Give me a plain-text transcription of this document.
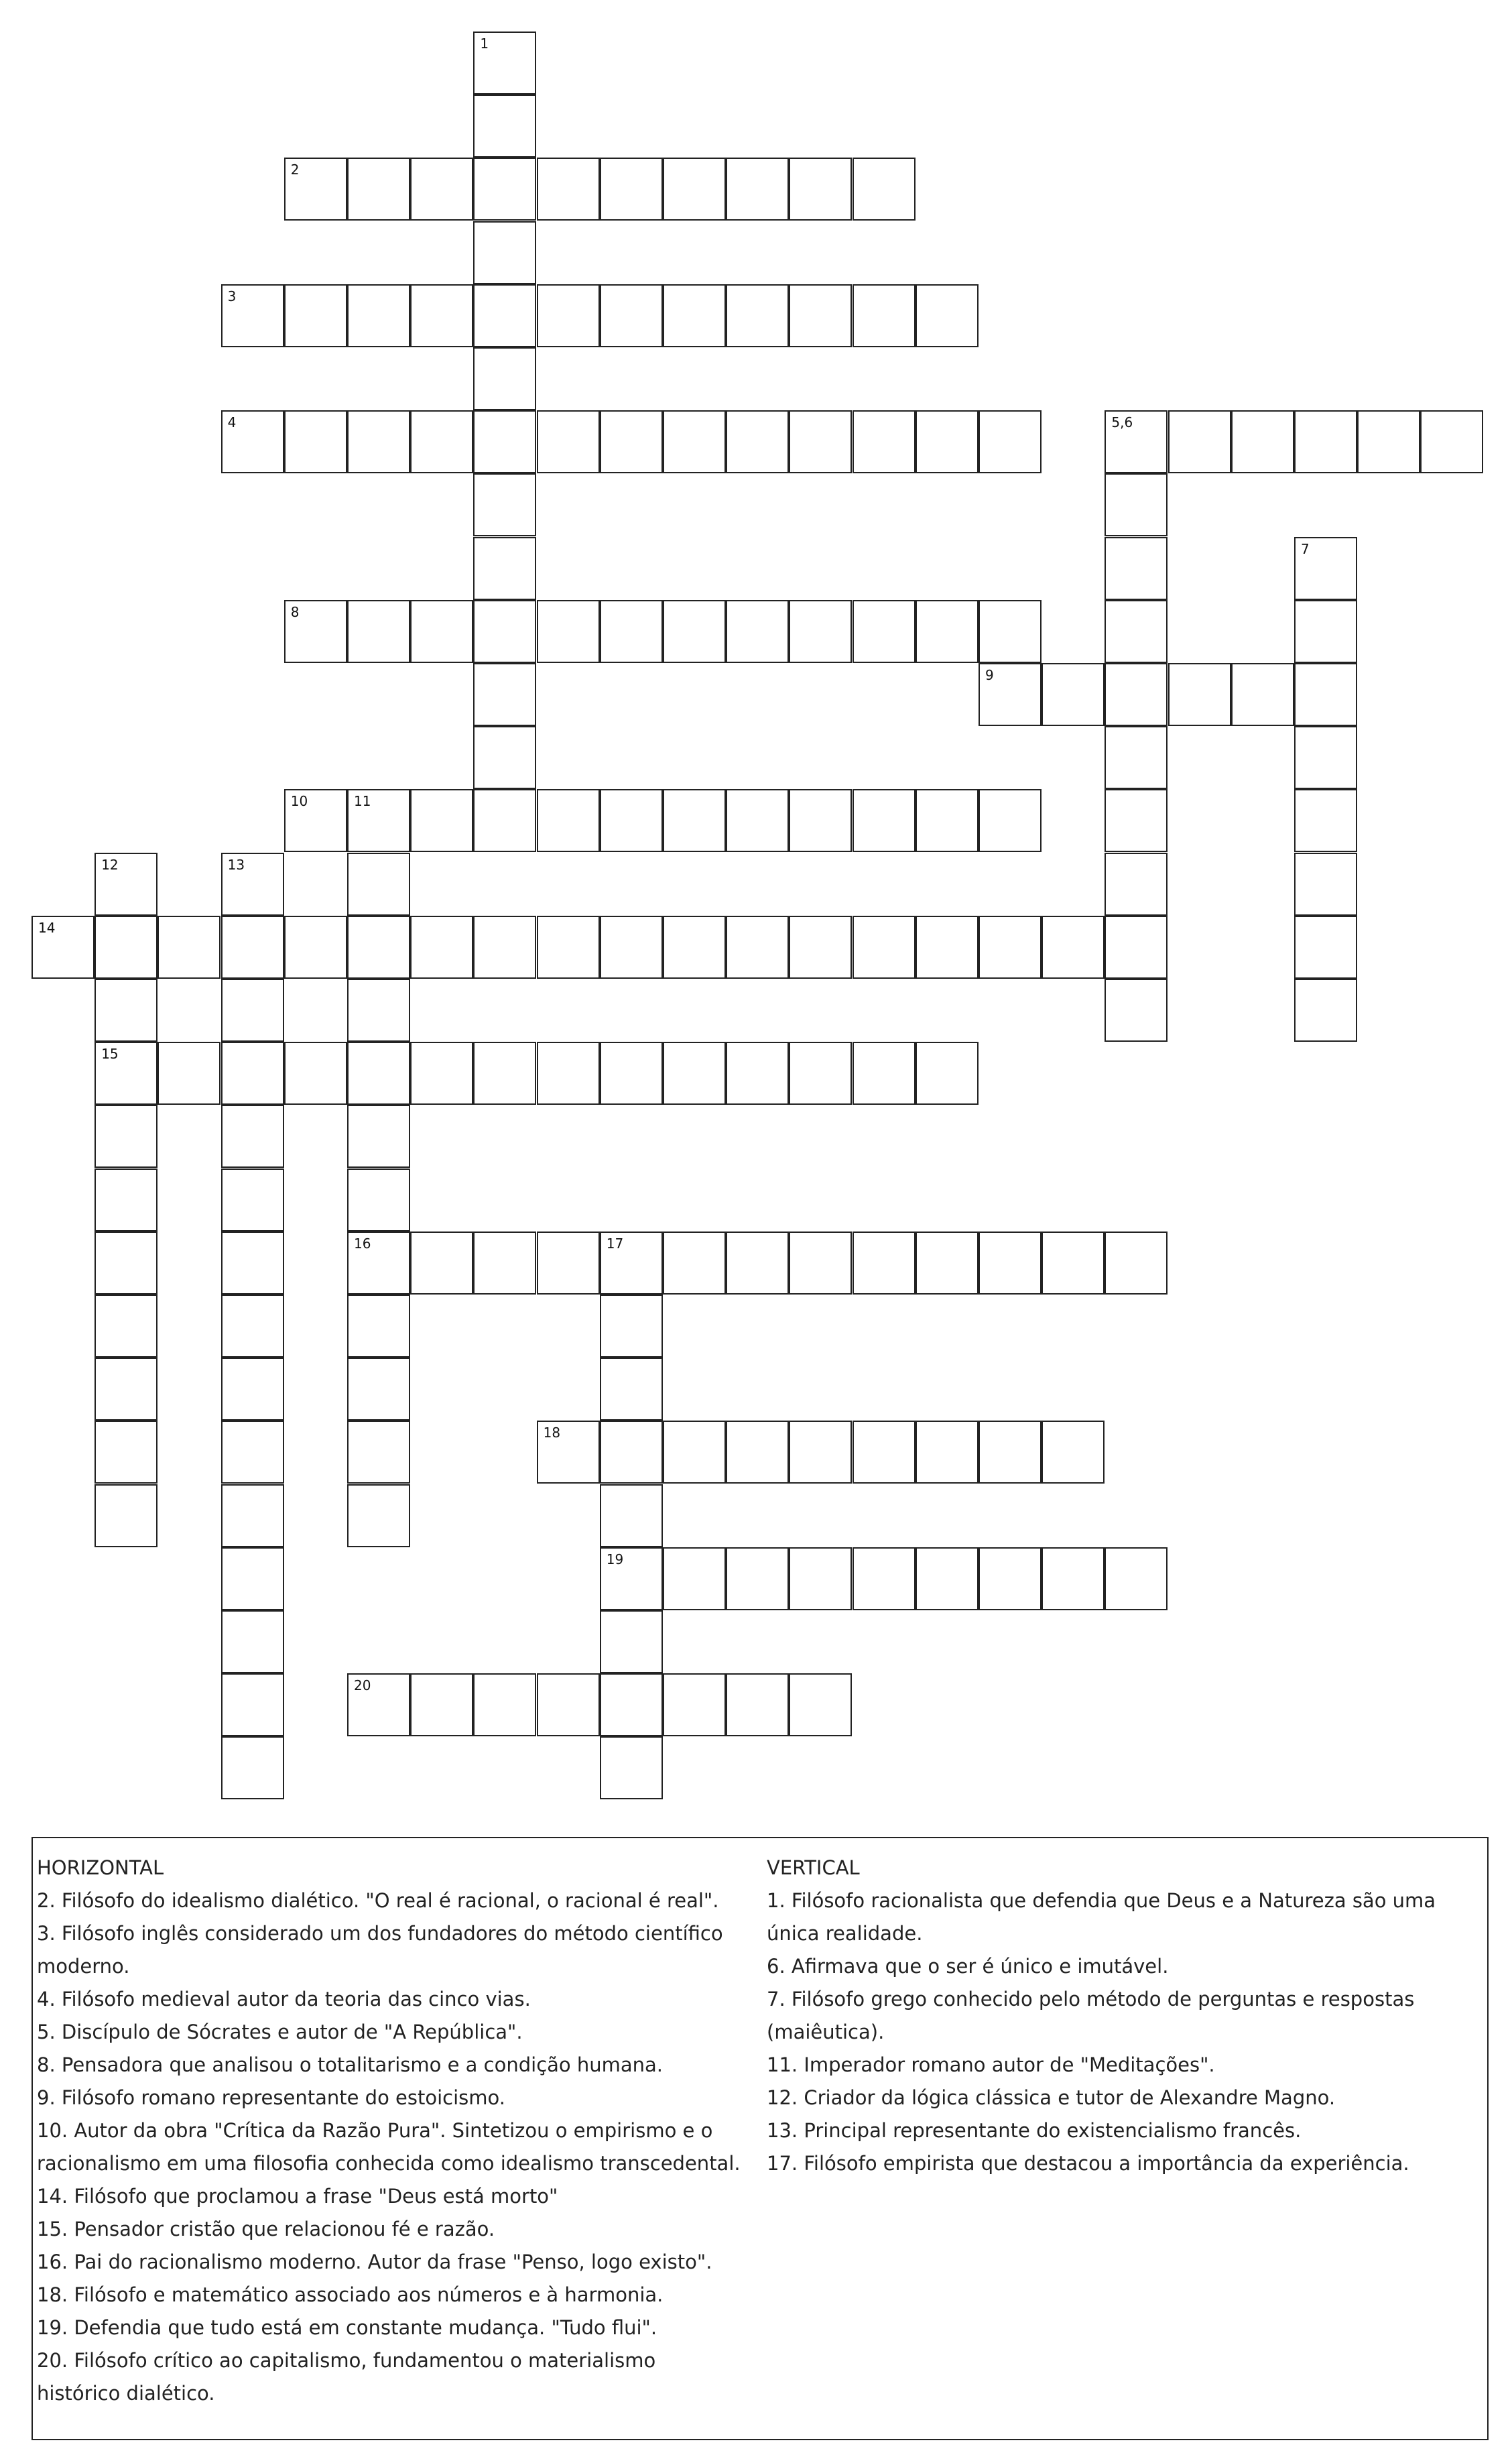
2
3
4	5,6
8
9
10	11
14
15
16	17
18
19
20
1
7
12	13
HORIZONTAL
2. Filósofo do idealismo dialético. "O real é racional, o racional é real".
3. Filósofo inglês considerado um dos fundadores do método científico moderno.
4. Filósofo medieval autor da teoria das cinco vias.
5. Discípulo de Sócrates e autor de "A República".
8. Pensadora que analisou o totalitarismo e a condição humana.
9. Filósofo romano representante do estoicismo.
10. Autor da obra "Crítica da Razão Pura". Sintetizou o empirismo e o racionalismo em uma filosofia conhecida como idealismo transcedental.
14. Filósofo que proclamou a frase "Deus está morto"
15. Pensador cristão que relacionou fé e razão.
16. Pai do racionalismo moderno. Autor da frase "Penso, logo existo".
18. Filósofo e matemático associado aos números e à harmonia.
19. Defendia que tudo está em constante mudança. "Tudo flui".
20. Filósofo crítico ao capitalismo, fundamentou o materialismo histórico dialético.
VERTICAL
1. Filósofo racionalista que defendia que Deus e a Natureza são uma única realidade.
6. Afirmava que o ser é único e imutável.
7. Filósofo grego conhecido pelo método de perguntas e respostas (maiêutica).
11. Imperador romano autor de "Meditações".
12. Criador da lógica clássica e tutor de Alexandre Magno.
13. Principal representante do existencialismo francês.
17. Filósofo empirista que destacou a importância da experiência.
